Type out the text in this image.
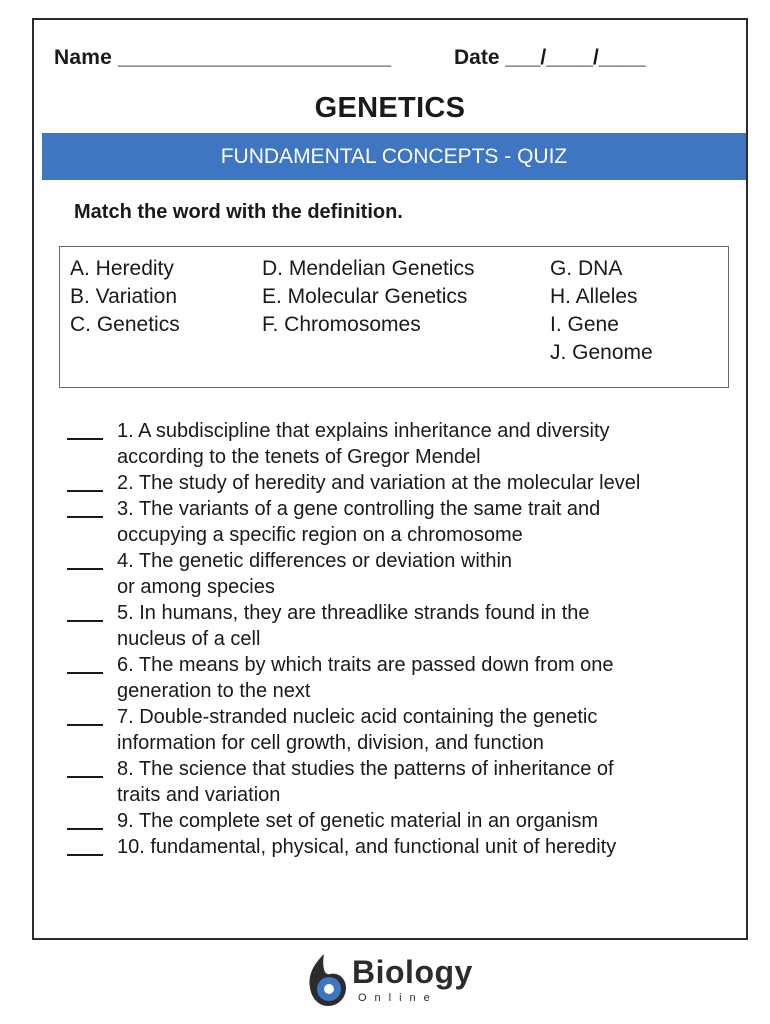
Name _______________________	Date ___/____/____
GENETICS
FUNDAMENTAL CONCEPTS - QUIZ
Match the word with the definition.
A. Heredity
B. Variation
C. Genetics
D. Mendelian Genetics
E. Molecular Genetics
F. Chromosomes
G. DNA
H. Alleles
I. Gene
J. Genome
1. A subdiscipline that explains inheritance and diversity
according to the tenets of Gregor Mendel
2. The study of heredity and variation at the molecular level
3. The variants of a gene controlling the same trait and
occupying a specific region on a chromosome
4. The genetic differences or deviation within
or among species
5. In humans, they are threadlike strands found in the
nucleus of a cell
6. The means by which traits are passed down from one
generation to the next
7. Double-stranded nucleic acid containing the genetic
information for cell growth, division, and function
8. The science that studies the patterns of inheritance of
traits and variation
9. The complete set of genetic material in an organism
10. fundamental, physical, and functional unit of heredity
Biology
Online
